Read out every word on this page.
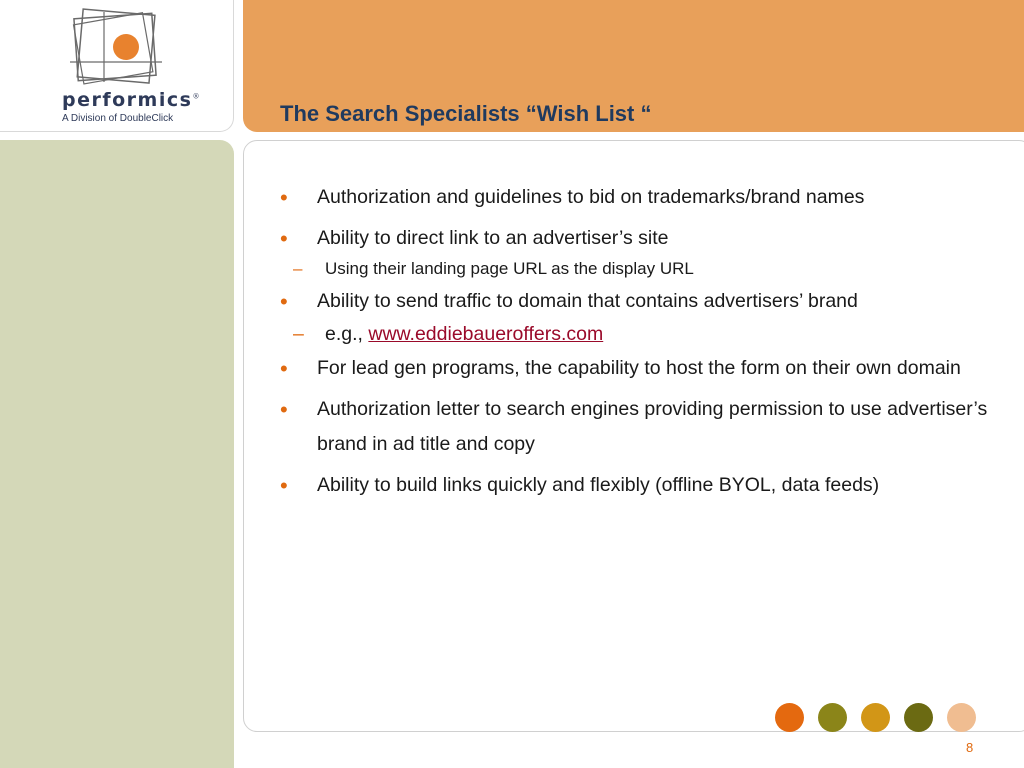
performics®
A Division of DoubleClick	The Search Specialists “Wish List “
• Authorization and guidelines to bid on trademarks/brand names
• Ability to direct link to an advertiser’s site
– Using their landing page URL as the display URL
• Ability to send traffic to domain that contains advertisers’ brand
– e.g., www.eddiebaueroffers.com
• For lead gen programs, the capability to host the form on their own domain
• Authorization letter to search engines providing permission to use advertiser’s brand in ad title and copy
• Ability to build links quickly and flexibly (offline BYOL, data feeds)
8
